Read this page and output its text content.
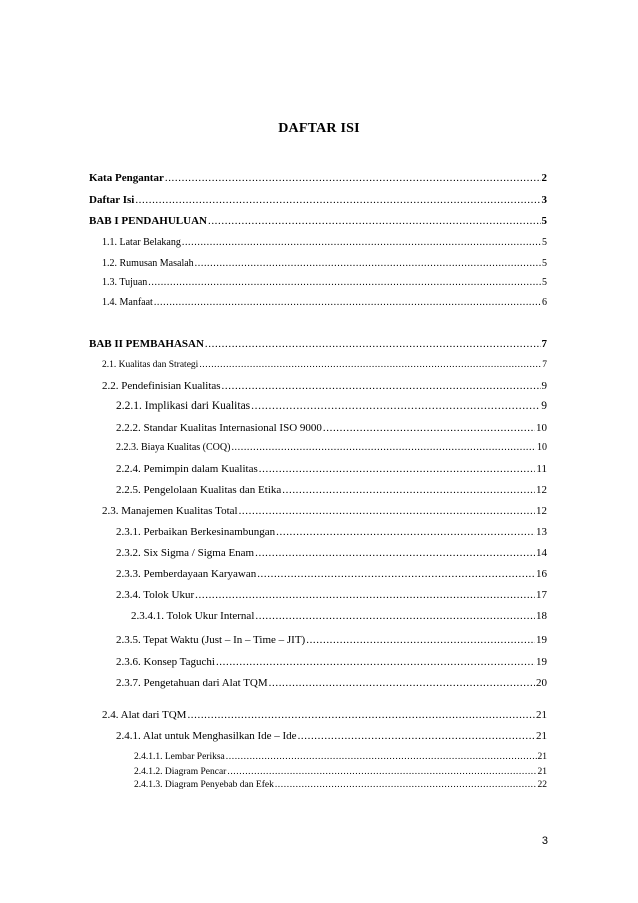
DAFTAR ISI
Kata Pengantar .....	2
Daftar Isi .....	3
BAB I PENDAHULUAN .....	5
1.1. Latar Belakang .....	5
1.2. Rumusan Masalah .....	5
1.3. Tujuan .....	5
1.4. Manfaat .....	6
BAB II PEMBAHASAN .....	7
2.1. Kualitas dan Strategi .....	7
2.2. Pendefinisian Kualitas .....	9
2.2.1. Implikasi dari Kualitas .....	9
2.2.2. Standar Kualitas Internasional ISO 9000 .....	10
2.2.3. Biaya Kualitas (COQ) .....	10
2.2.4. Pemimpin dalam Kualitas .....	11
2.2.5. Pengelolaan Kualitas dan Etika .....	12
2.3. Manajemen Kualitas Total .....	12
2.3.1. Perbaikan Berkesinambungan .....	13
2.3.2. Six Sigma / Sigma Enam .....	14
2.3.3. Pemberdayaan Karyawan .....	16
2.3.4. Tolok Ukur .....	17
2.3.4.1. Tolok Ukur Internal .....	18
2.3.5. Tepat Waktu (Just – In – Time – JIT) .....	19
2.3.6. Konsep Taguchi .....	19
2.3.7. Pengetahuan dari Alat TQM .....	20
2.4. Alat dari TQM .....	21
2.4.1. Alat untuk Menghasilkan Ide – Ide .....	21
2.4.1.1. Lembar Periksa .....	21
2.4.1.2. Diagram Pencar .....	21
2.4.1.3. Diagram Penyebab dan Efek .....	22
3
